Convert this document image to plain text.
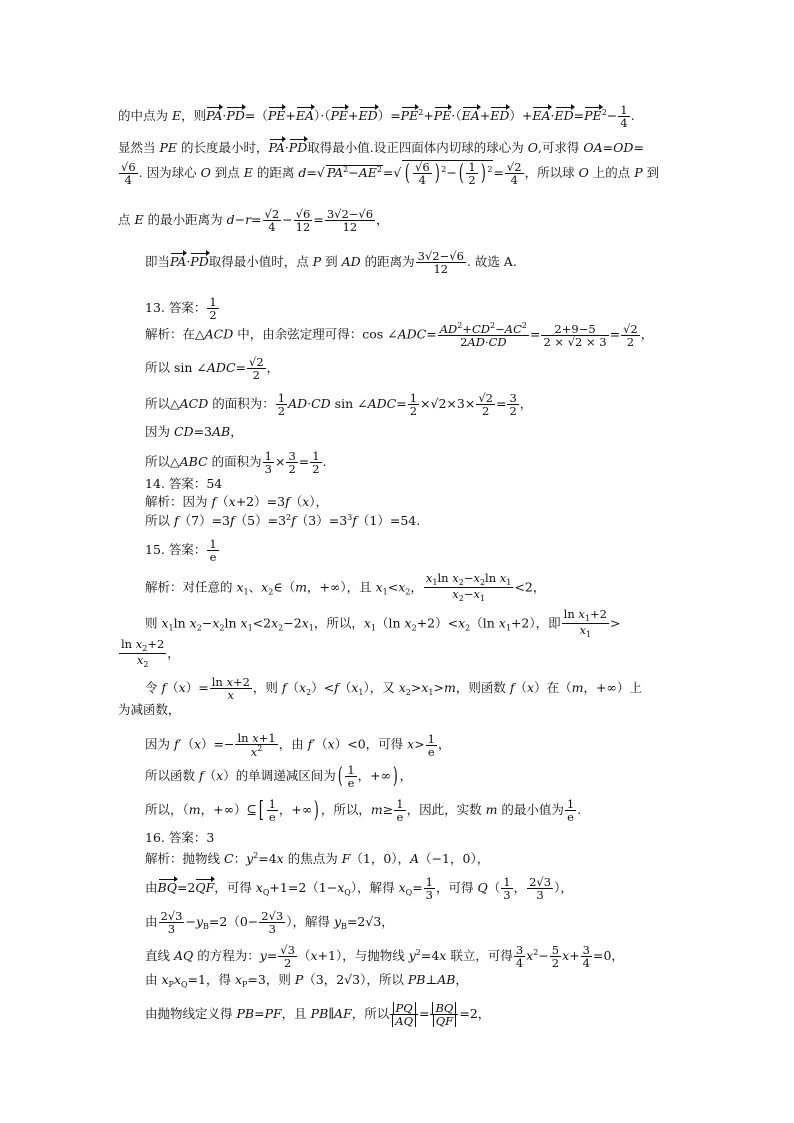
的中点为 E，则$PA\cdot PD=(PE+EA)\cdot(PE+ED)=PE^2+PE\cdot(EA+ED)+EA\cdot ED=PE^2- \frac{1}{4}$ .
显然当 PE 的长度最小时，PA·PD取得最小值.设正四面体内切球的球心为 O,可求得 OA=OD=
$\frac{√6}{4}$ . 因为球心 O 到点 E 的距离 d=√ $PA^2-AE^2=√$ ( $\frac{√6}{4}$ ) $^2-( \frac{1}{2}$ ) $^2= \frac{√2}{4}$ ，所以球 O 上的点 P 到
点 E 的最小距离为 $d-r= \frac{√2}{4} - \frac{√6}{12} = \frac{3√2-√6}{12}$ ，
即当PA·PD取得最小值时，点 P 到 AD 的距离为 $\frac{3√2-√6}{12}$ . 故选 A.
13. 答案： $\frac{1}{2}$
解析：在△ACD 中，由余弦定理可得：cos ∠ADC= $\frac{AD^2+CD^2-AC^2}{2AD\cdot CD} = \frac{2+9-5}{2 \times √2 \times 3} = \frac{√2}{2}$ ，
所以 sin ∠ADC= $\frac{√2}{2}$ ，
所以△ACD 的面积为： $\frac{1}{2} AD\cdot CD$ sin ∠ADC= $\frac{1}{2} \times√2\times 3\times \frac{√2}{2} = \frac{3}{2}$ ，
因为 CD=3AB，
所以△ABC 的面积为 $\frac{1}{3} \times \frac{3}{2} = \frac{1}{2}$ .
14. 答案：54
解析：因为 f（x+2）=3f（x），
所以 $f(7)=3f(5)=3^2f(3)=3^3f(1)=54$.
15. 答案： $\frac{1}{e}$
解析：对任意的 $x_1$、$x_2\in(m$，+∞），且 $x_1<x_2$， $\frac{x_1\ln x_2-x_2\ln x_1}{x_2-x_1} <2$，
则 $x_1\ln$ $x_2-x_2\ln$ $x_1<2x_2-2x_1$，所以，$x_1(\ln$ $x_2+2)<x_2(\ln$ $x_1+2$），即 $\frac{\ln x_1+2}{x_1}$ >
$\frac{\ln x_2+2}{x_2}$ ，
令 $f(x)= \frac{\text{ln x+2}}{x}$ ，则 $f(x_2)<f(x_1)$，又 $x_2>x_1>m$，则函数 f（x）在（m，+∞）上
为减函数，
因为 $f'(x)=- \frac{\text{ln x+1}}{x^2}$ ，由 f′（x）<0，可得 $x> \frac{1}{e}$ ，
所以函数 f（x）的单调递减区间为( $\frac{1}{e}$ ，+∞) ，
所以，（m，+∞）⊆[ $\frac{1}{e}$ ，+∞) ，所以，$m\ge \frac{1}{e}$ ，因此，实数 m 的最小值为 $\frac{1}{e}$ .
16. 答案：3
解析：抛物线 C：$y^2=4x$ 的焦点为 F（1，0），A（−1，0），
由BQ=2QF，可得 $x_Q+1=2(1-x_Q)$，解得 $x_Q= \frac{1}{3}$ ，可得 $Q( \frac{1}{3}$ ， $\frac{2√3}{3}$ ），
由 $\frac{2√3}{3} -y_B=2(0- \frac{2√3}{3}$ ），解得 $y_B=2√3$，
直线 AQ 的方程为：$y= \frac{√3}{2} (x+1)$，与抛物线 $y^2=4x$ 联立，可得 $\frac{3}{4} x^2- \frac{5}{2} x+ \frac{3}{4} =0$，
由 $x_Px_Q=1$，得 $x_P=3$，则 P（3，2√3），所以 PB⊥AB，
由抛物线定义得 PB=PF，且 PB∥AF，所以 $\frac{PQ}{AQ} = \frac{BQ}{QF} =2$，
